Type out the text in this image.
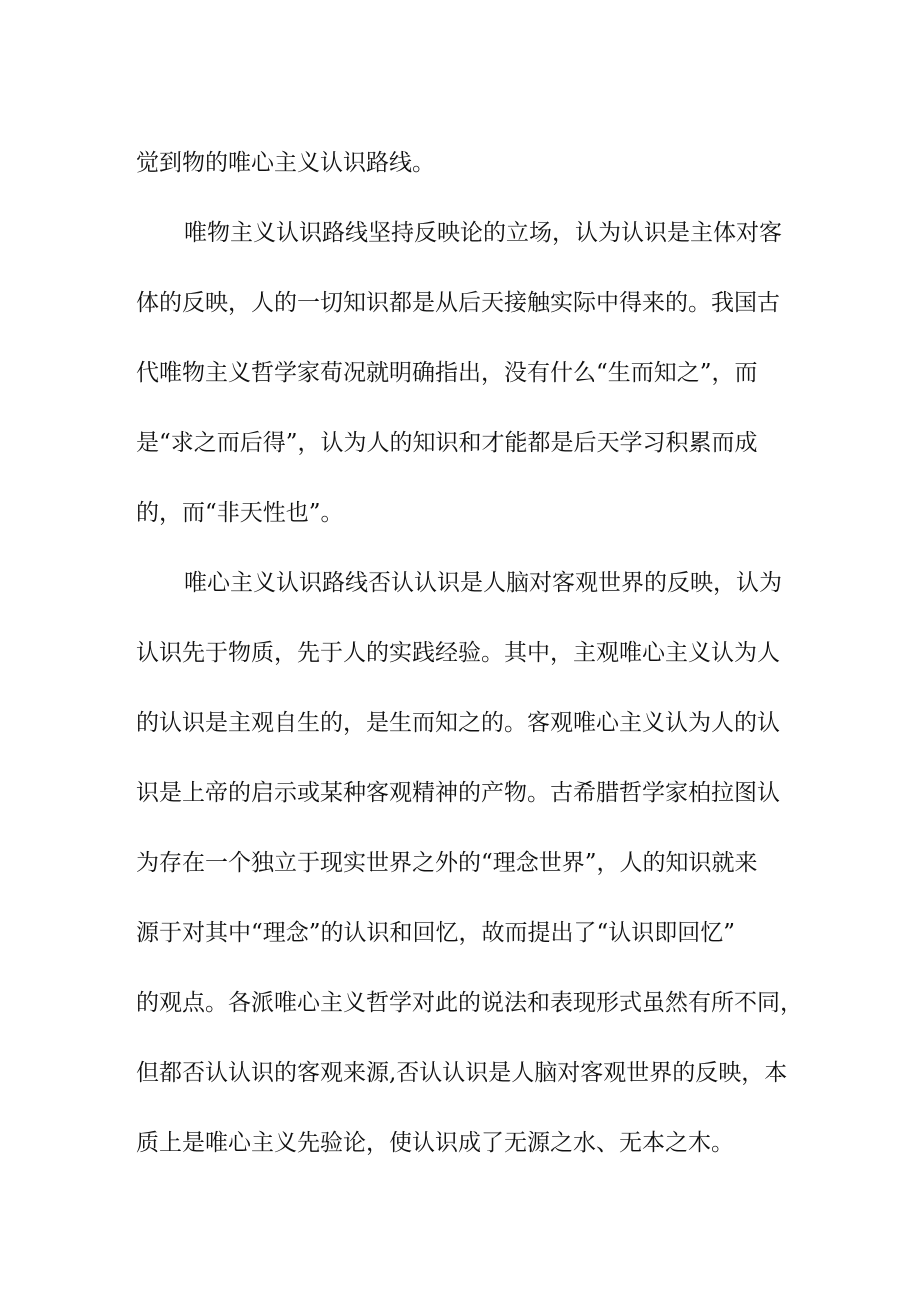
觉到物的唯心主义认识路线。

唯物主义认识路线坚持反映论的立场，认为认识是主体对客

体的反映，人的一切知识都是从后天接触实际中得来的。我国古

代唯物主义哲学家荀况就明确指出，没有什么“生而知之”，而

是“求之而后得”，认为人的知识和才能都是后天学习积累而成

的，而“非天性也”。

唯心主义认识路线否认认识是人脑对客观世界的反映，认为

认识先于物质，先于人的实践经验。其中，主观唯心主义认为人

的认识是主观自生的，是生而知之的。客观唯心主义认为人的认

识是上帝的启示或某种客观精神的产物。古希腊哲学家柏拉图认

为存在一个独立于现实世界之外的“理念世界”，人的知识就来

源于对其中“理念”的认识和回忆，故而提出了“认识即回忆”

的观点。各派唯心主义哲学对此的说法和表现形式虽然有所不同，

但都否认认识的客观来源,否认认识是人脑对客观世界的反映，本

质上是唯心主义先验论，使认识成了无源之水、无本之木。
